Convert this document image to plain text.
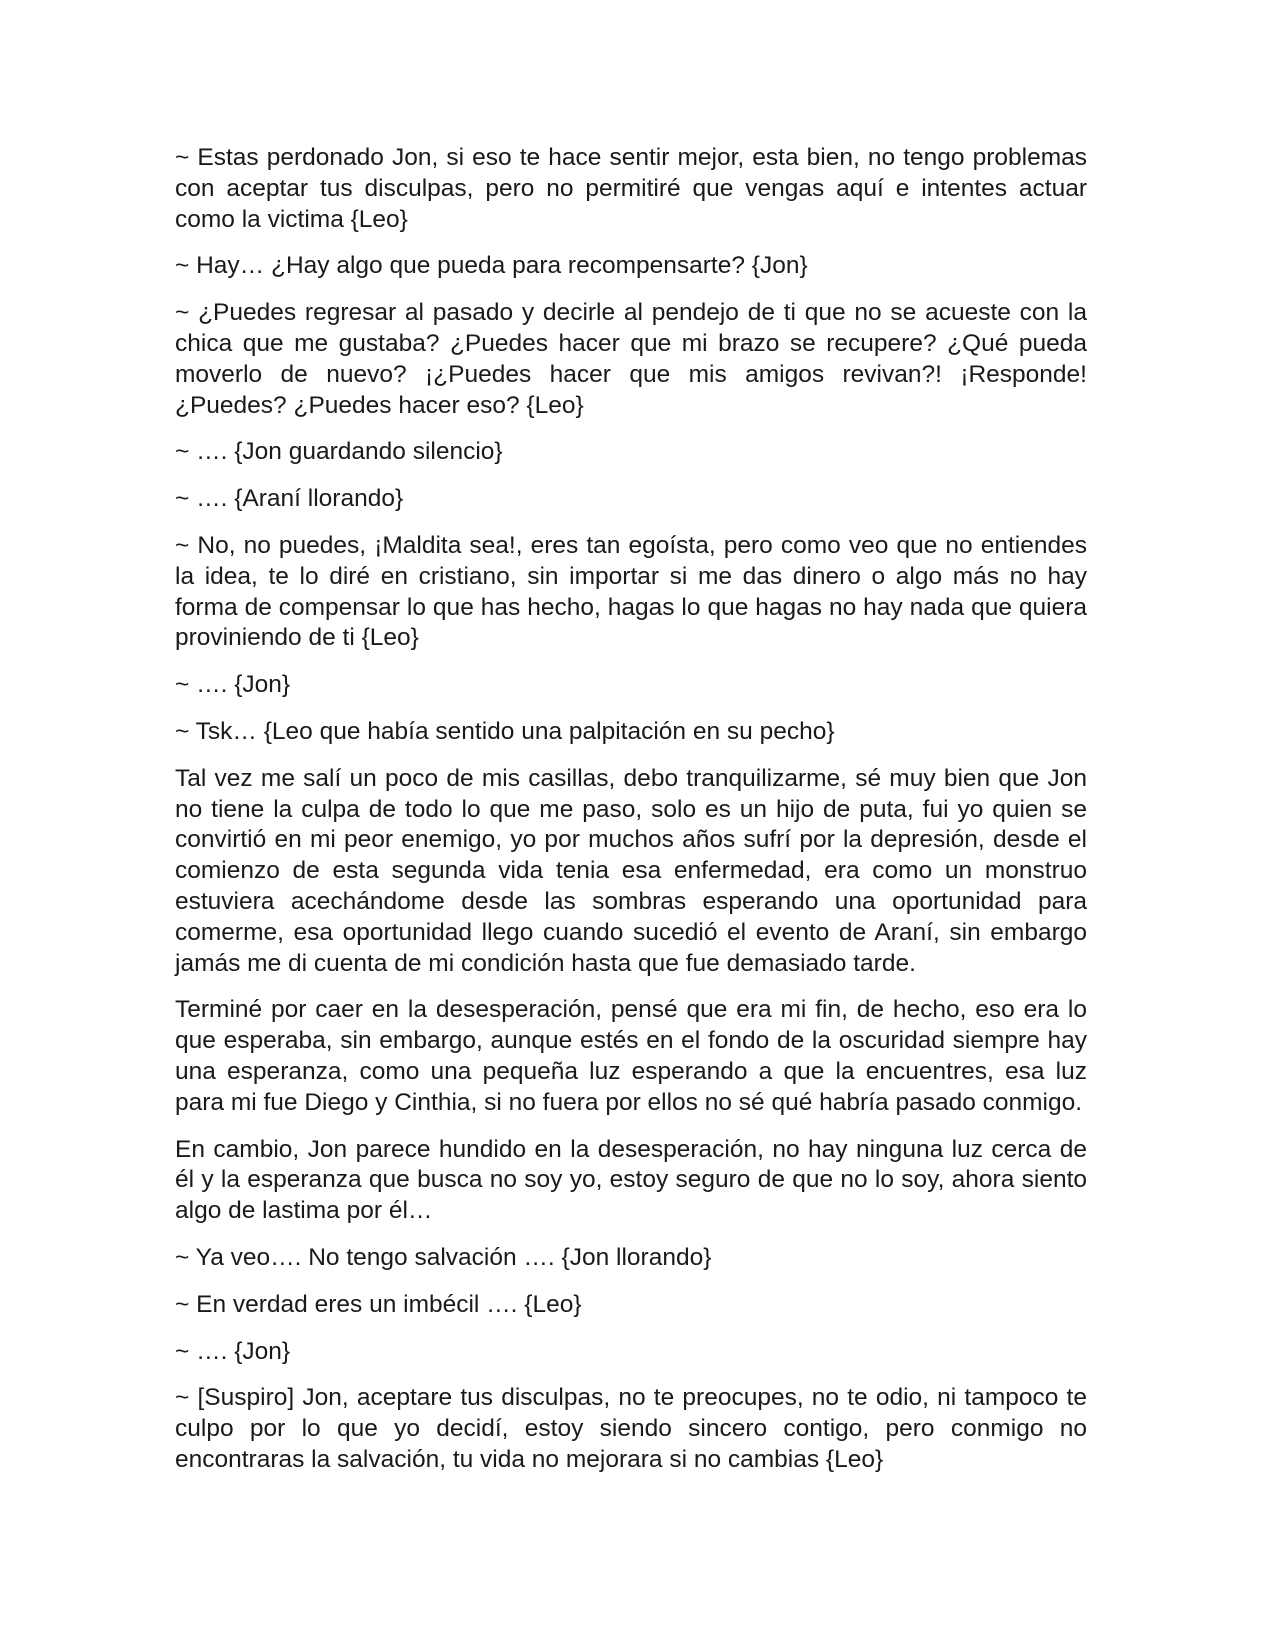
~ Estas perdonado Jon, si eso te hace sentir mejor, esta bien, no tengo problemas con aceptar tus disculpas, pero no permitiré que vengas aquí e intentes actuar como la victima {Leo}

~ Hay… ¿Hay algo que pueda para recompensarte? {Jon}

~ ¿Puedes regresar al pasado y decirle al pendejo de ti que no se acueste con la chica que me gustaba? ¿Puedes hacer que mi brazo se recupere? ¿Qué pueda moverlo de nuevo? ¡¿Puedes hacer que mis amigos revivan?! ¡Responde! ¿Puedes? ¿Puedes hacer eso? {Leo}

~ …. {Jon guardando silencio}

~ …. {Araní llorando}

~ No, no puedes, ¡Maldita sea!, eres tan egoísta, pero como veo que no entiendes la idea, te lo diré en cristiano, sin importar si me das dinero o algo más no hay forma de compensar lo que has hecho, hagas lo que hagas no hay nada que quiera proviniendo de ti {Leo}

~ …. {Jon}

~ Tsk… {Leo que había sentido una palpitación en su pecho}

Tal vez me salí un poco de mis casillas, debo tranquilizarme, sé muy bien que Jon no tiene la culpa de todo lo que me paso, solo es un hijo de puta, fui yo quien se convirtió en mi peor enemigo, yo por muchos años sufrí por la depresión, desde el comienzo de esta segunda vida tenia esa enfermedad, era como un monstruo estuviera acechándome desde las sombras esperando una oportunidad para comerme, esa oportunidad llego cuando sucedió el evento de Araní, sin embargo jamás me di cuenta de mi condición hasta que fue demasiado tarde.

Terminé por caer en la desesperación, pensé que era mi fin, de hecho, eso era lo que esperaba, sin embargo, aunque estés en el fondo de la oscuridad siempre hay una esperanza, como una pequeña luz esperando a que la encuentres, esa luz para mi fue Diego y Cinthia, si no fuera por ellos no sé qué habría pasado conmigo.

En cambio, Jon parece hundido en la desesperación, no hay ninguna luz cerca de él y la esperanza que busca no soy yo, estoy seguro de que no lo soy, ahora siento algo de lastima por él…

~ Ya veo…. No tengo salvación …. {Jon llorando}

~ En verdad eres un imbécil …. {Leo}

~ …. {Jon}

~ [Suspiro] Jon, aceptare tus disculpas, no te preocupes, no te odio, ni tampoco te culpo por lo que yo decidí, estoy siendo sincero contigo, pero conmigo no encontraras la salvación, tu vida no mejorara si no cambias {Leo}
